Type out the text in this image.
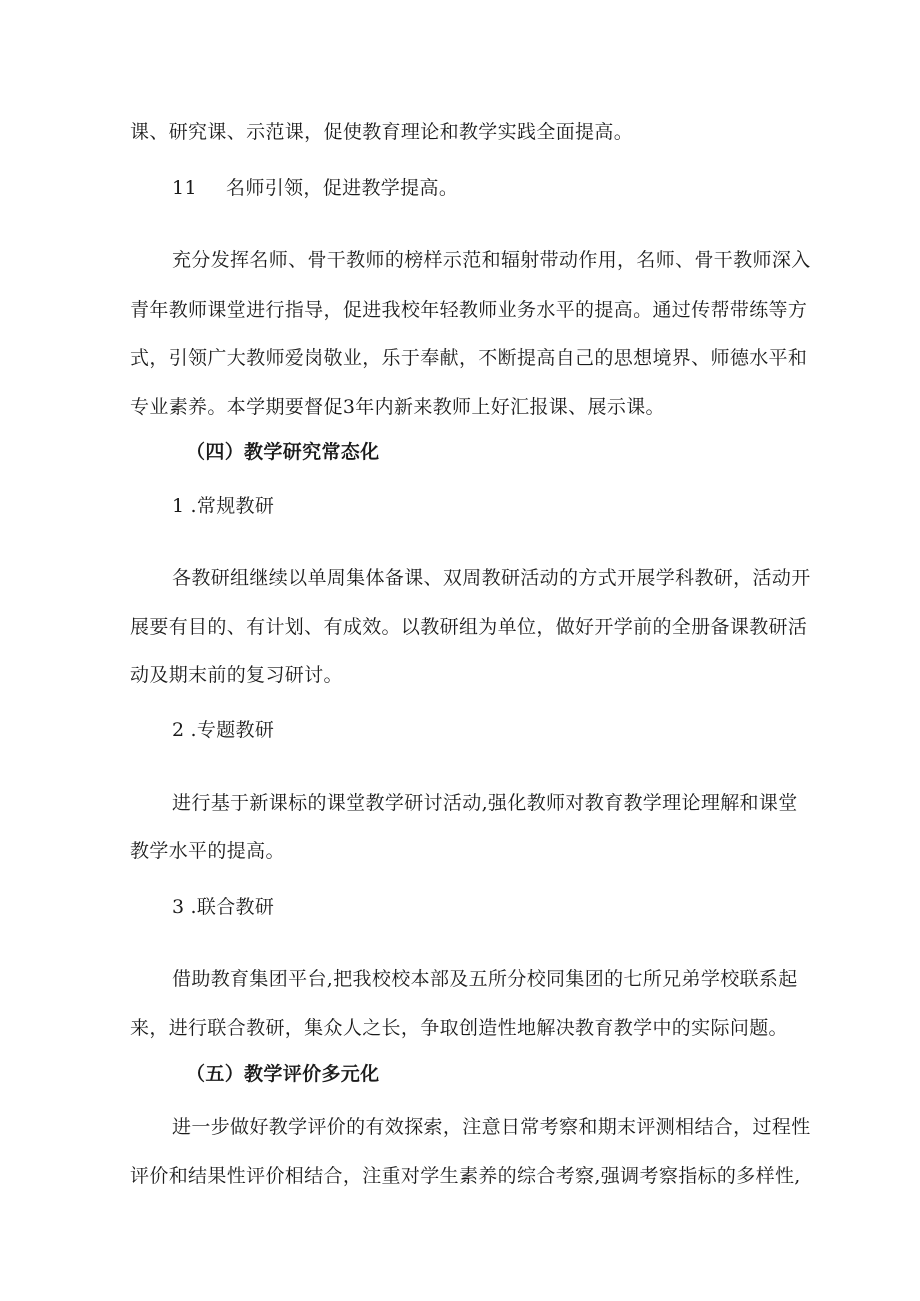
课、研究课、示范课，促使教育理论和教学实践全面提高。
11 名师引领，促进教学提高。
充分发挥名师、骨干教师的榜样示范和辐射带动作用，名师、骨干教师深入
青年教师课堂进行指导，促进我校年轻教师业务水平的提高。通过传帮带练等方
式，引领广大教师爱岗敬业，乐于奉献，不断提高自己的思想境界、师德水平和
专业素养。本学期要督促3年内新来教师上好汇报课、展示课。
（四）教学研究常态化
1 .常规教研
各教研组继续以单周集体备课、双周教研活动的方式开展学科教研，活动开
展要有目的、有计划、有成效。以教研组为单位，做好开学前的全册备课教研活
动及期末前的复习研讨。
2 .专题教研
进行基于新课标的课堂教学研讨活动,强化教师对教育教学理论理解和课堂
教学水平的提高。
3 .联合教研
借助教育集团平台,把我校校本部及五所分校同集团的七所兄弟学校联系起
来，进行联合教研，集众人之长，争取创造性地解决教育教学中的实际问题。
（五）教学评价多元化
进一步做好教学评价的有效探索，注意日常考察和期末评测相结合，过程性
评价和结果性评价相结合，注重对学生素养的综合考察,强调考察指标的多样性,
